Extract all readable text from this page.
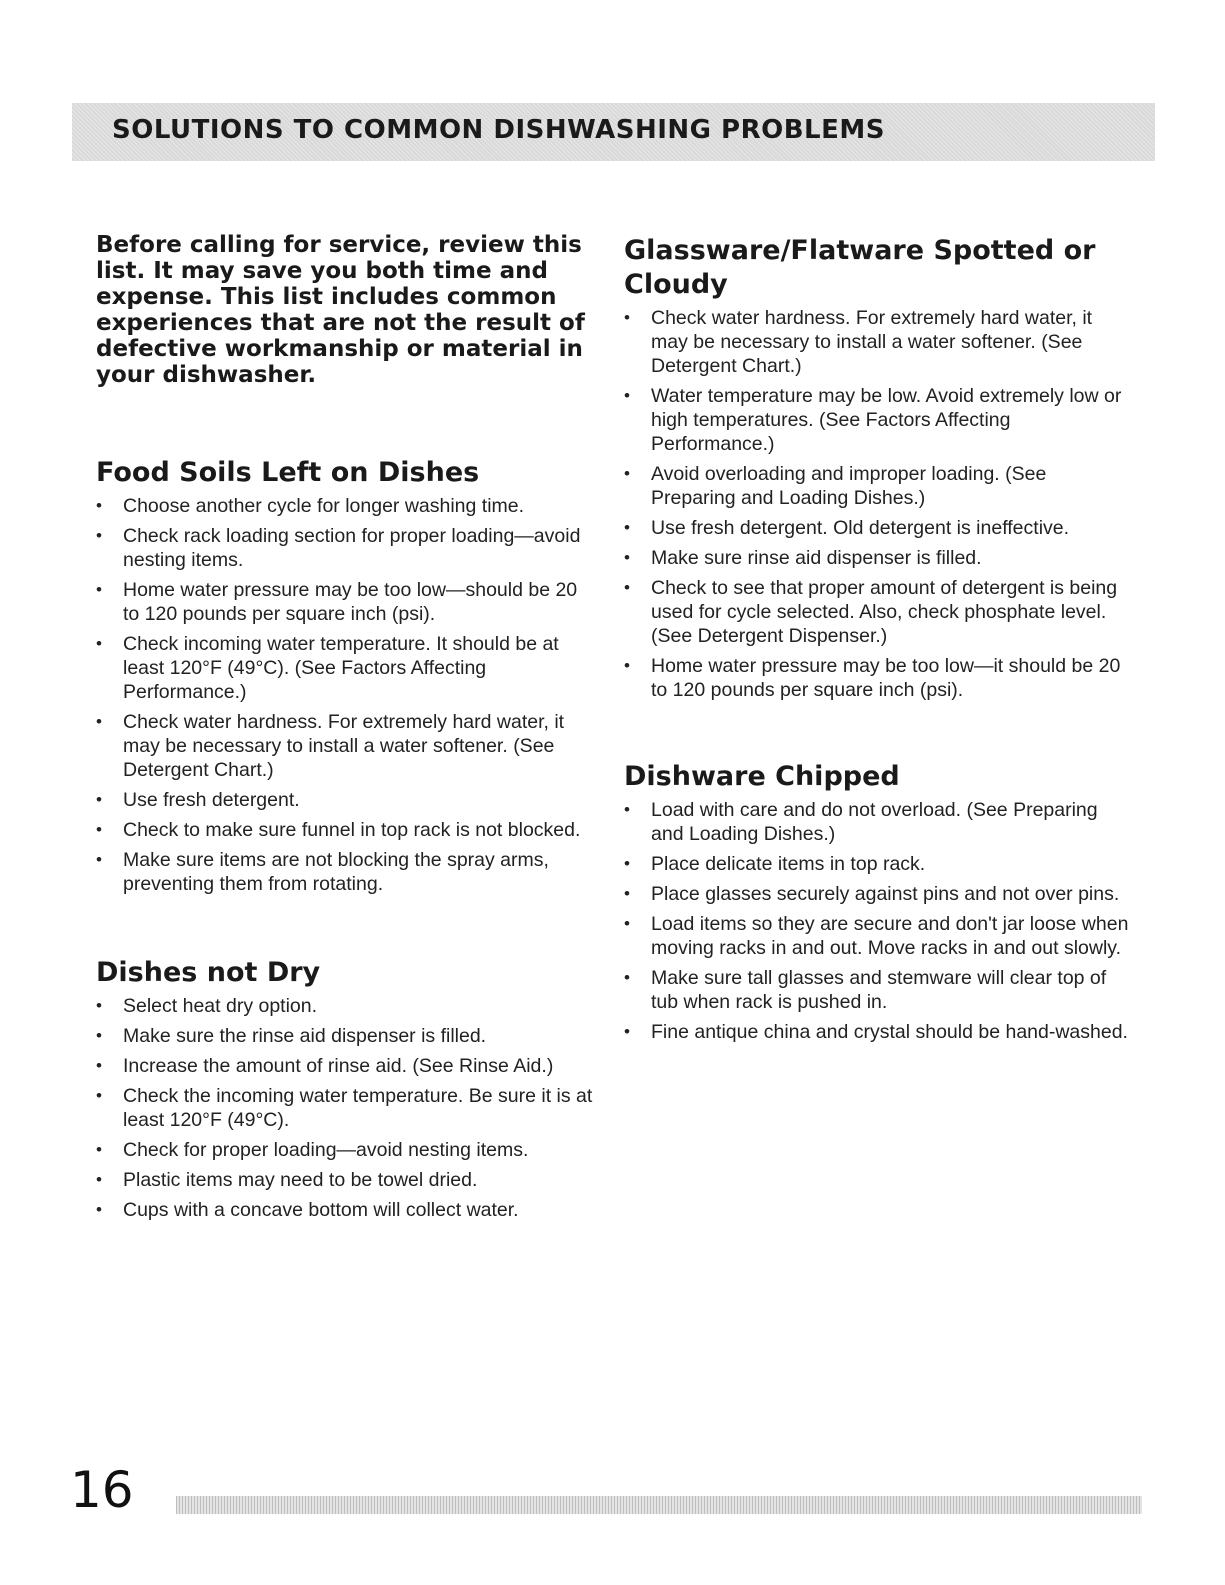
SOLUTIONS TO COMMON DISHWASHING PROBLEMS

Before calling for service, review this list. It may save you both time and expense. This list includes common experiences that are not the result of defective workmanship or material in your dishwasher.

Food Soils Left on Dishes
• Choose another cycle for longer washing time.
• Check rack loading section for proper loading—avoid nesting items.
• Home water pressure may be too low—should be 20 to 120 pounds per square inch (psi).
• Check incoming water temperature. It should be at least 120°F (49°C). (See Factors Affecting Performance.)
• Check water hardness. For extremely hard water, it may be necessary to install a water softener. (See Detergent Chart.)
• Use fresh detergent.
• Check to make sure funnel in top rack is not blocked.
• Make sure items are not blocking the spray arms, preventing them from rotating.
Dishes not Dry
• Select heat dry option.
• Make sure the rinse aid dispenser is filled.
• Increase the amount of rinse aid. (See Rinse Aid.)
• Check the incoming water temperature. Be sure it is at least 120°F (49°C).
• Check for proper loading—avoid nesting items.
• Plastic items may need to be towel dried.
• Cups with a concave bottom will collect water.
Glassware/Flatware Spotted or Cloudy
• Check water hardness. For extremely hard water, it may be necessary to install a water softener. (See Detergent Chart.)
• Water temperature may be low. Avoid extremely low or high temperatures. (See Factors Affecting Performance.)
• Avoid overloading and improper loading. (See Preparing and Loading Dishes.)
• Use fresh detergent. Old detergent is ineffective.
• Make sure rinse aid dispenser is filled.
• Check to see that proper amount of detergent is being used for cycle selected. Also, check phosphate level. (See Detergent Dispenser.)
• Home water pressure may be too low—it should be 20 to 120 pounds per square inch (psi).
Dishware Chipped
• Load with care and do not overload. (See Preparing and Loading Dishes.)
• Place delicate items in top rack.
• Place glasses securely against pins and not over pins.
• Load items so they are secure and don't jar loose when moving racks in and out. Move racks in and out slowly.
• Make sure tall glasses and stemware will clear top of tub when rack is pushed in.
• Fine antique china and crystal should be hand-washed.
16
